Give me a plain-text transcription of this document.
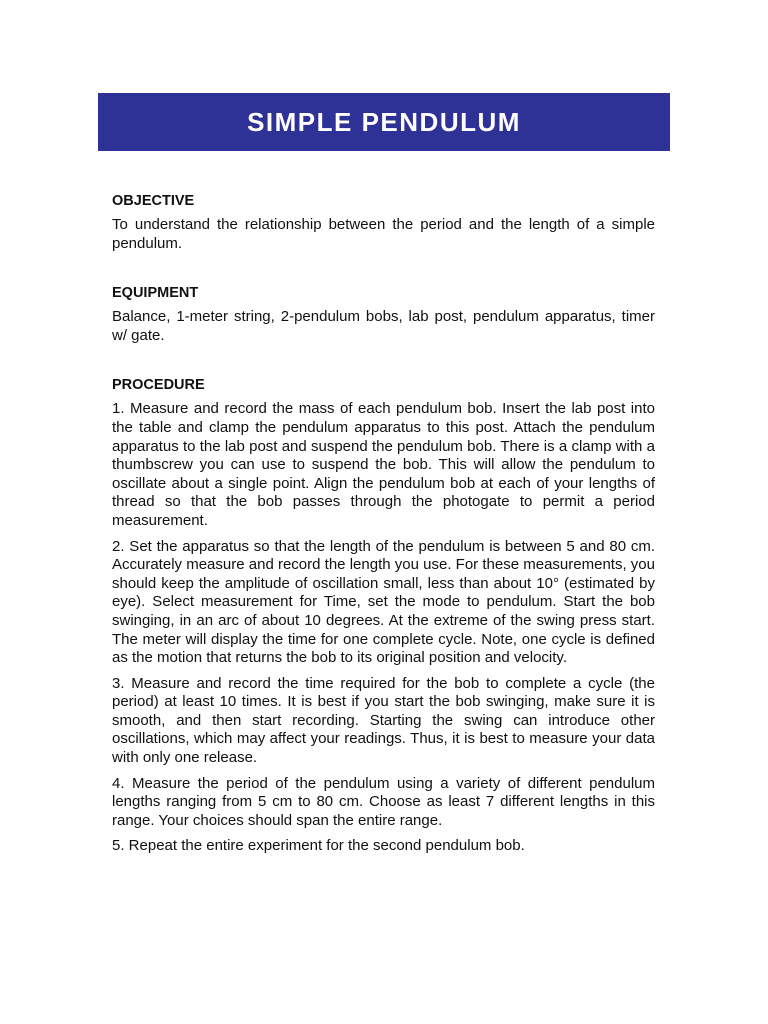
SIMPLE PENDULUM
OBJECTIVE

To understand the relationship between the period and the length of a simple pendulum.

EQUIPMENT

Balance, 1-meter string, 2-pendulum bobs, lab post, pendulum apparatus, timer w/ gate.

PROCEDURE

1. Measure and record the mass of each pendulum bob. Insert the lab post into the table and clamp the pendulum apparatus to this post. Attach the pendulum apparatus to the lab post and suspend the pendulum bob. There is a clamp with a thumbscrew you can use to suspend the bob. This will allow the pendulum to oscillate about a single point. Align the pendulum bob at each of your lengths of thread so that the bob passes through the photogate to permit a period measurement.

2. Set the apparatus so that the length of the pendulum is between 5 and 80 cm. Accurately measure and record the length you use. For these measurements, you should keep the amplitude of oscillation small, less than about 10° (estimated by eye). Select measurement for Time, set the mode to pendulum. Start the bob swinging, in an arc of about 10 degrees. At the extreme of the swing press start. The meter will display the time for one complete cycle. Note, one cycle is defined as the motion that returns the bob to its original position and velocity.

3. Measure and record the time required for the bob to complete a cycle (the period) at least 10 times. It is best if you start the bob swinging, make sure it is smooth, and then start recording. Starting the swing can introduce other oscillations, which may affect your readings. Thus, it is best to measure your data with only one release.

4. Measure the period of the pendulum using a variety of different pendulum lengths ranging from 5 cm to 80 cm. Choose as least 7 different lengths in this range. Your choices should span the entire range.

5. Repeat the entire experiment for the second pendulum bob.
